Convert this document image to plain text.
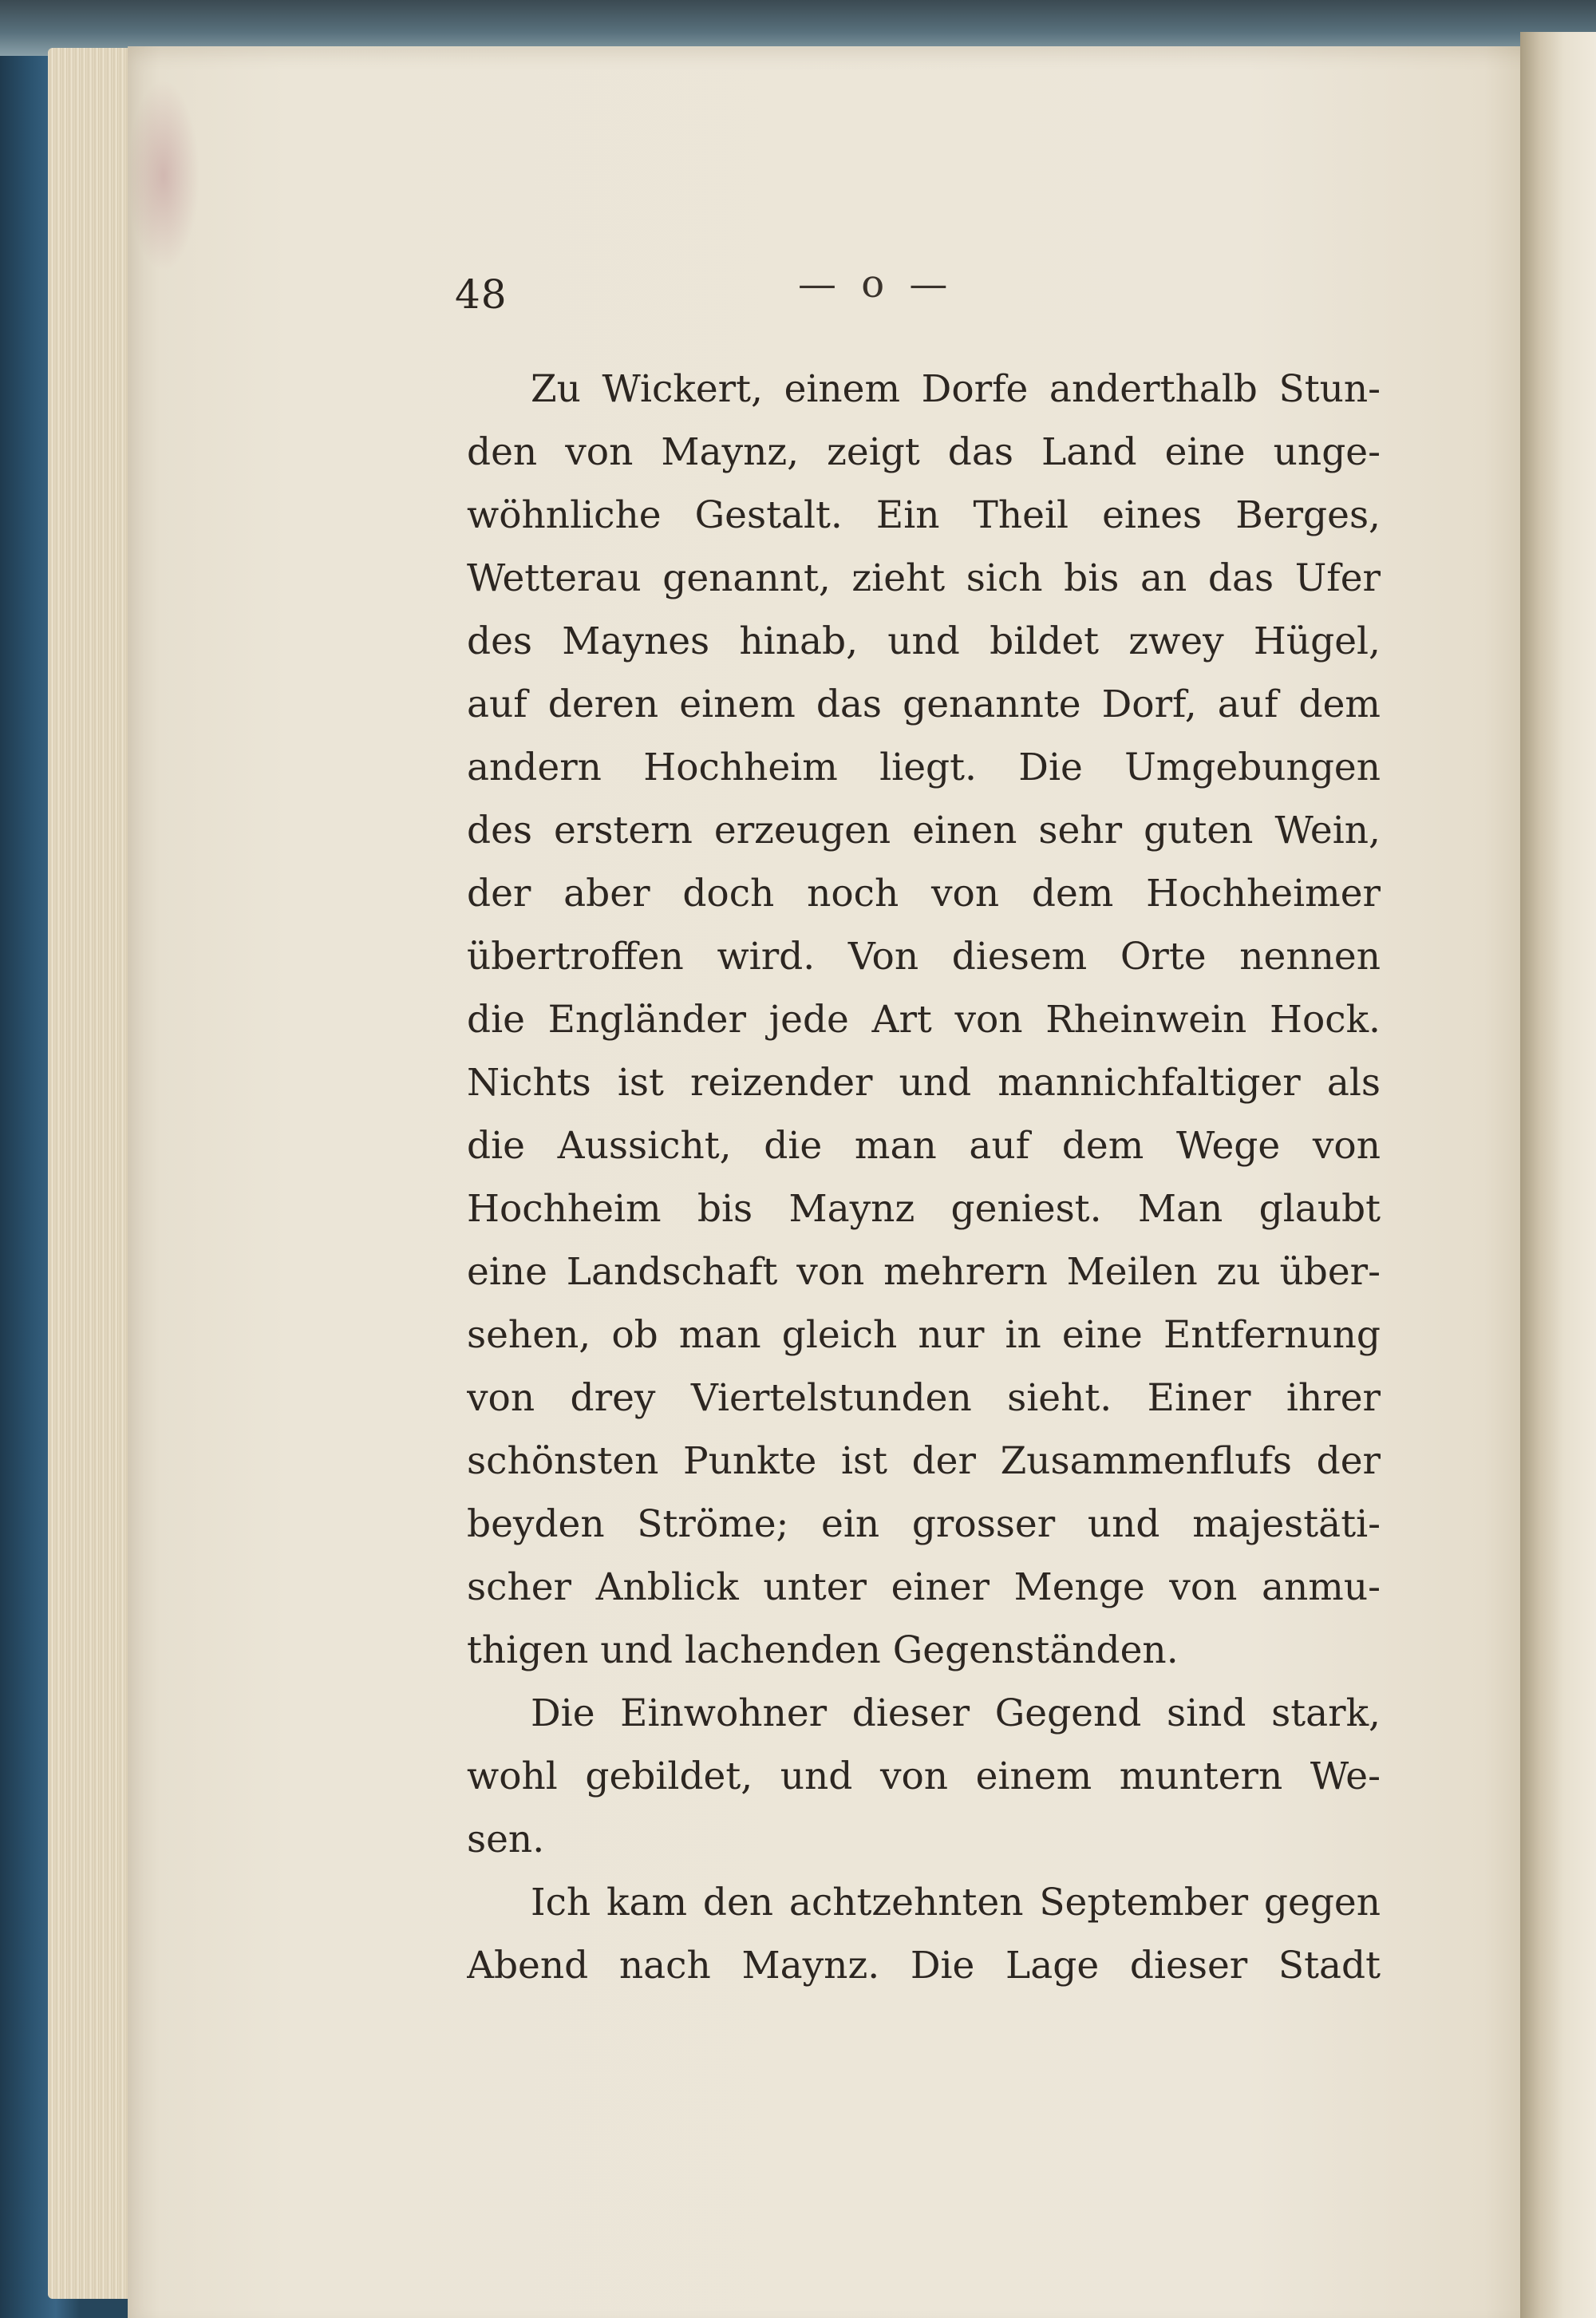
48	— o —
Zu Wickert, einem Dorfe anderthalb Stun-
den von Maynz, zeigt das Land eine unge-
wöhnliche Gestalt. Ein Theil eines Berges,
Wetterau genannt, zieht sich bis an das Ufer
des Maynes hinab, und bildet zwey Hügel,
auf deren einem das genannte Dorf, auf dem
andern Hochheim liegt. Die Umgebungen
des erstern erzeugen einen sehr guten Wein,
der aber doch noch von dem Hochheimer
übertroffen wird. Von diesem Orte nennen
die Engländer jede Art von Rheinwein Hock.
Nichts ist reizender und mannichfaltiger als
die Aussicht, die man auf dem Wege von
Hochheim bis Maynz geniest. Man glaubt
eine Landschaft von mehrern Meilen zu über-
sehen, ob man gleich nur in eine Entfernung
von drey Viertelstunden sieht. Einer ihrer
schönsten Punkte ist der Zusammenflufs der
beyden Ströme; ein grosser und majestäti-
scher Anblick unter einer Menge von anmu-
thigen und lachenden Gegenständen.
Die Einwohner dieser Gegend sind stark,
wohl gebildet, und von einem muntern We-
sen.
Ich kam den achtzehnten September gegen
Abend nach Maynz. Die Lage dieser Stadt
